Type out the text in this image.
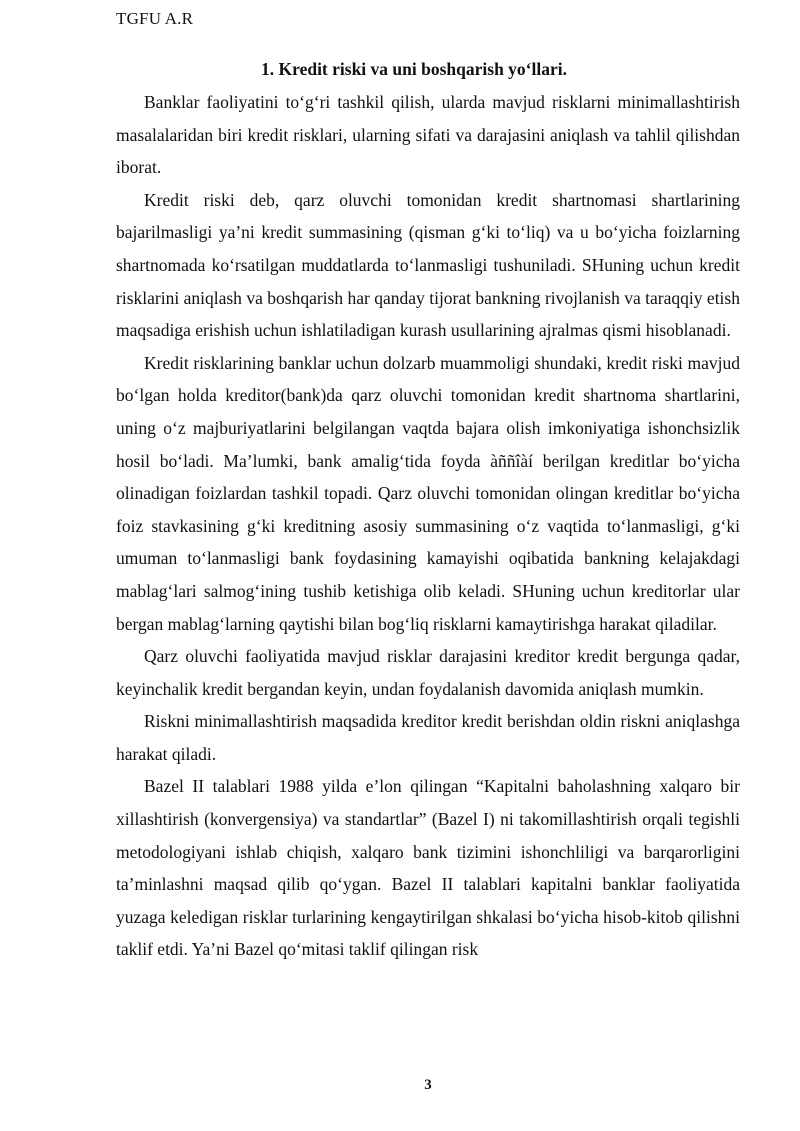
TGFU A.R
1. Kredit riski va uni boshqarish yo‘llari.

Banklar faoliyatini to‘g‘ri tashkil qilish, ularda mavjud risklarni minimallashtirish masalalaridan biri kredit risklari, ularning sifati va darajasini aniqlash va tahlil qilishdan iborat.

Kredit riski deb, qarz oluvchi tomonidan kredit shartnomasi shartlarining bajarilmasligi ya’ni kredit summasining (qisman g‘ki to‘liq) va u bo‘yicha foizlarning shartnomada ko‘rsatilgan muddatlarda to‘lanmasligi tushuniladi. SHuning uchun kredit risklarini aniqlash va boshqarish har qanday tijorat bankning rivojlanish va taraqqiy etish maqsadiga erishish uchun ishlatiladigan kurash usullarining ajralmas qismi hisoblanadi.

Kredit risklarining banklar uchun dolzarb muammoligi shundaki, kredit riski mavjud bo‘lgan holda kreditor(bank)da qarz oluvchi tomonidan kredit shartnoma shartlarini, uning o‘z majburiyatlarini belgilangan vaqtda bajara olish imkoniyatiga ishonchsizlik hosil bo‘ladi. Ma’lumki, bank amalig‘tida foyda àññîàí berilgan kreditlar bo‘yicha olinadigan foizlardan tashkil topadi. Qarz oluvchi tomonidan olingan kreditlar bo‘yicha foiz stavkasining g‘ki kreditning asosiy summasining o‘z vaqtida to‘lanmasligi, g‘ki umuman to‘lanmasligi bank foydasining kamayishi oqibatida bankning kelajakdagi mablag‘lari salmog‘ining tushib ketishiga olib keladi. SHuning uchun kreditorlar ular bergan mablag‘larning qaytishi bilan bog‘liq risklarni kamaytirishga harakat qiladilar.

Qarz oluvchi faoliyatida mavjud risklar darajasini kreditor kredit bergunga qadar, keyinchalik kredit bergandan keyin, undan foydalanish davomida aniqlash mumkin.

Riskni minimallashtirish maqsadida kreditor kredit berishdan oldin riskni aniqlashga harakat qiladi.

Bazel II talablari 1988 yilda e’lon qilingan “Kapitalni baholashning xalqaro bir xillashtirish (konvergensiya) va standartlar” (Bazel I) ni takomillashtirish orqali tegishli metodologiyani ishlab chiqish, xalqaro bank tizimini ishonchliligi va barqarorligini ta’minlashni maqsad qilib qo‘ygan. Bazel II talablari kapitalni banklar faoliyatida yuzaga keledigan risklar turlarining kengaytirilgan shkalasi bo‘yicha hisob-kitob qilishni taklif etdi. Ya’ni Bazel qo‘mitasi taklif qilingan risk

3
